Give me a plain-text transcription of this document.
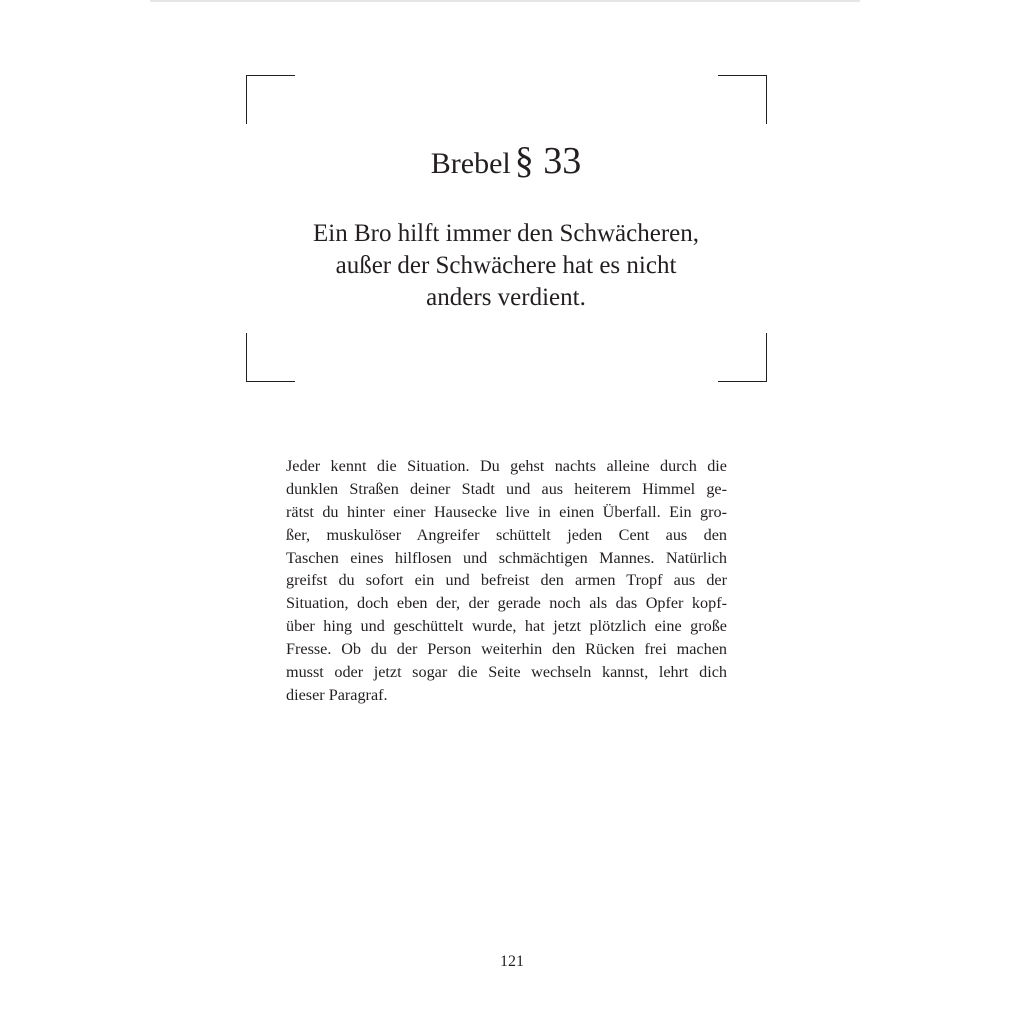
Brebel § 33
Ein Bro hilft immer den Schwächeren,
außer der Schwächere hat es nicht
anders verdient.
Jeder kennt die Situation. Du gehst nachts alleine durch die
dunklen Straßen deiner Stadt und aus heiterem Himmel ge-
rätst du hinter einer Hausecke live in einen Überfall. Ein gro-
ßer, muskulöser Angreifer schüttelt jeden Cent aus den
Taschen eines hilflosen und schmächtigen Mannes. Natürlich
greifst du sofort ein und befreist den armen Tropf aus der
Situation, doch eben der, der gerade noch als das Opfer kopf-
über hing und geschüttelt wurde, hat jetzt plötzlich eine große
Fresse. Ob du der Person weiterhin den Rücken frei machen
musst oder jetzt sogar die Seite wechseln kannst, lehrt dich
dieser Paragraf.
121
